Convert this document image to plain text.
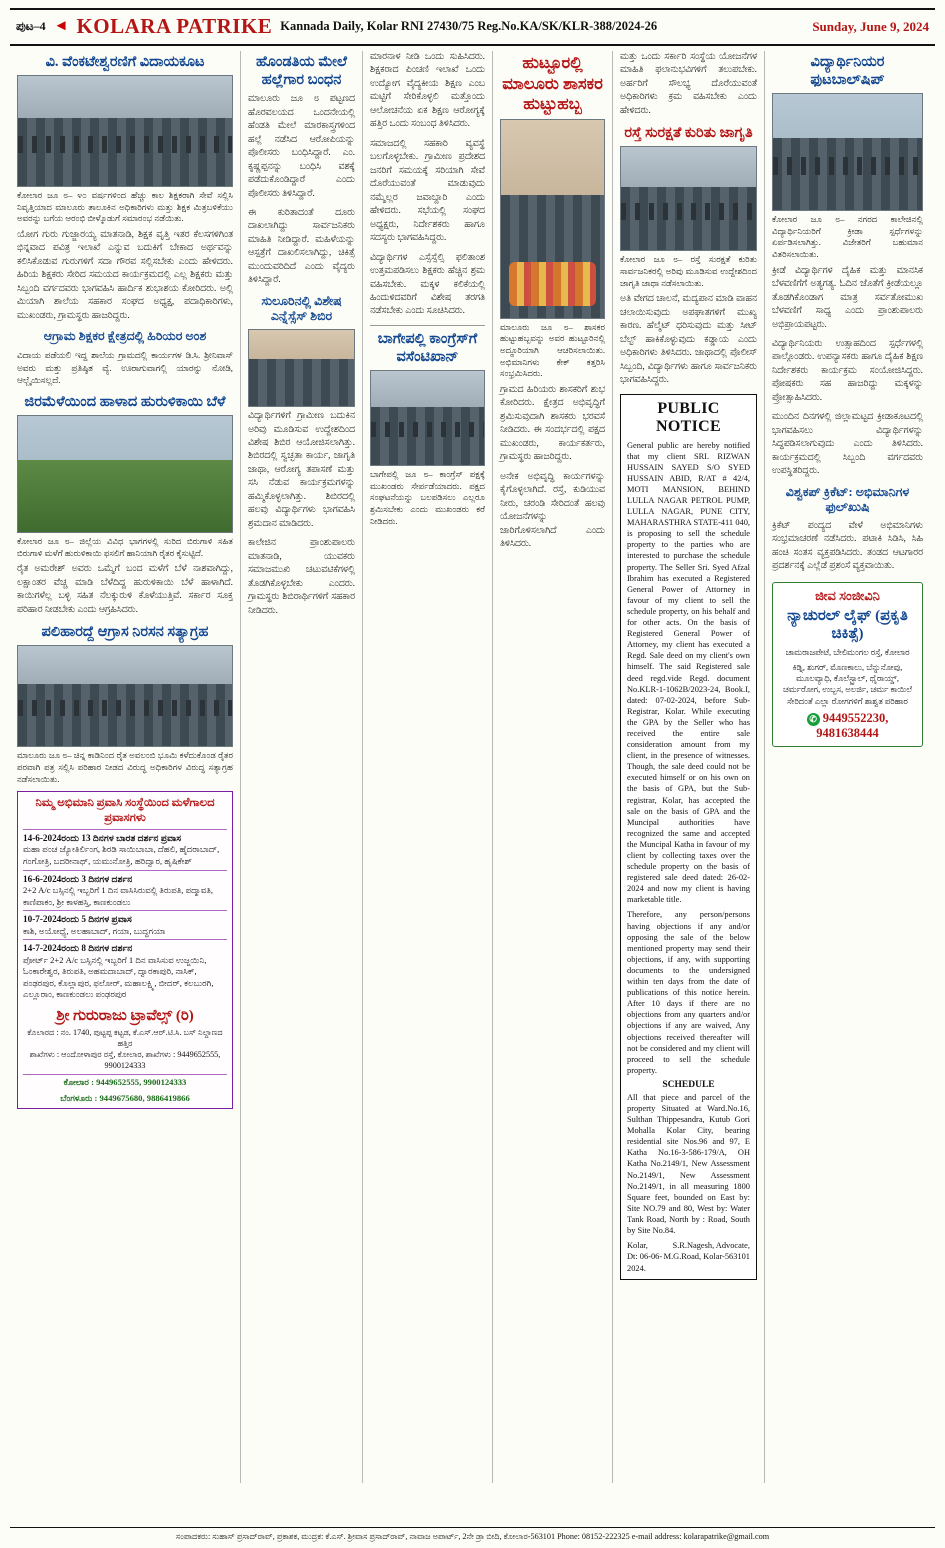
ಪುಟ–4 ◄ KOLARA PATRIKE Kannada Daily, Kolar RNI 27430/75 Reg.No.KA/SK/KLR-388/2024-26	Sunday, June 9, 2024
ವಿ. ವೆಂಕಟೇಶ್ವರಣಿಗೆ ವಿದಾಯಕೂಟ
ಕೋಲಾರ ಜೂ ೮– ೪೦ ವರ್ಷಗಳಿಂದ ಹೆಚ್ಚು ಕಾಲ ಶಿಕ್ಷಕರಾಗಿ ಸೇವೆ ಸಲ್ಲಿಸಿ ನಿವೃತ್ತಿಯಾದ ಮಾಲೂರು ತಾಲೂಕಿನ ಅಧಿಕಾರಿಗಳು ಮತ್ತು ಶಿಕ್ಷಕ ಮಿತ್ರಬಳಿಕೆಯು ಅವರನ್ನು ಬಗೆಯ ಆರಂಭಿ ಬೀಳ್ಕೊಡುಗೆ ಸಮಾರಂಭ ನಡೆಯಿತು.
ಯೋಗ ಗುರು ಗುಜ್ಜಾರಯ್ಯ ಮಾತನಾಡಿ, ಶಿಕ್ಷಕ ವೃತ್ತಿ ಇತರ ಕೆಲಸಗಳಿಗಿಂತ ಭಿನ್ನವಾದ ಪವಿತ್ರ ಇಲಾಖೆ ಎನ್ನುವ ಬದುಕಿಗೆ ಬೇಕಾದ ಅರ್ಥವನ್ನು ಕಲಿಸಿಕೊಡುವ ಗುರುಗಳಿಗೆ ಸದಾ ಗೌರವ ಸಲ್ಲಿಸಬೇಕು ಎಂದು ಹೇಳಿದರು. ಹಿರಿಯ ಶಿಕ್ಷಕರು ಸೇರಿದ ಸಮಯದ ಕಾರ್ಯಕ್ರಮದಲ್ಲಿ ಎಲ್ಲ ಶಿಕ್ಷಕರು ಮತ್ತು ಸಿಬ್ಬಂದಿ ವರ್ಗದವರು ಭಾಗವಹಿಸಿ ಹಾರ್ದಿಕ ಶುಭಾಶಯ ಕೋರಿದರು. ಅಲ್ಲಿ ಮಿಯಾಗಿ ಶಾಲೆಯ ಸಹಕಾರ ಸಂಘದ ಅಧ್ಯಕ್ಷ, ಪದಾಧಿಕಾರಿಗಳು, ಮುಖಂಡರು, ಗ್ರಾಮಸ್ಥರು ಹಾಜರಿದ್ದರು.
ಆಗ್ರಾಮ ಶಿಕ್ಷಕರ ಕ್ಷೇತ್ರದಲ್ಲಿ ಹಿರಿಯರ ಅಂಶ
ವಿದಾಯ ಪಡೆಯಲಿ ಇದ್ದ ಶಾಲೆಯ ಗ್ರಾಮದಲ್ಲಿ ಕಾರ್ಯಗಳ ಡಿ.ಸಿ. ಶ್ರೀನಿವಾಸ್ ಅವರು ಮತ್ತು ಪ್ರತಿಷ್ಠಿತ ವ್ಯೆ. ಊರಾಗುವಾಗಲ್ಲಿ ಯಾರನ್ನು ನೋಡಿ, ಆಲ್ಬೈಯಿಸಲ್ಲದೆ.
ಜಿರಮೆಳೆಯಿಂದ ಹಾಳಾದ ಹುರುಳಿಕಾಯಿ ಬೆಳೆ
ಕೋಲಾರ ಜೂ ೮– ಜಿಲ್ಲೆಯ ವಿವಿಧ ಭಾಗಗಳಲ್ಲಿ ಸುರಿದ ಬಿರುಗಾಳಿ ಸಹಿತ ಬಿರುಗಾಳಿ ಮಳೆಗೆ ಹುರುಳಿಕಾಯಿ ಫಸಲಿಗೆ ಹಾನಿಯಾಗಿ ರೈತರ ಕೈಸುಟ್ಟಿದೆ.
ರೈತ ಅಮರೇಶ್ ಅವರು ಒಮ್ಮೆಗೆ ಬಂದ ಮಳೆಗೆ ಬೆಳೆ ನಾಶವಾಗಿದ್ದು, ಲಕ್ಷಾಂತರ ವೆಚ್ಚ ಮಾಡಿ ಬೆಳೆದಿದ್ದ ಹುರುಳಿಕಾಯಿ ಬೆಳೆ ಹಾಳಾಗಿದೆ. ಕಾಯಿಗಳೆಲ್ಲ ಬಳ್ಳಿ ಸಹಿತ ನೆಲಕ್ಕುರುಳಿ ಕೊಳೆಯುತ್ತಿವೆ. ಸರ್ಕಾರ ಸೂಕ್ತ ಪರಿಹಾರ ನೀಡಬೇಕು ಎಂದು ಆಗ್ರಹಿಸಿದರು.
ಪಲಿಹಾರದ್ದೆ ಆಗ್ರಾಸ ನಿರಸನ ಸತ್ಯಾಗ್ರಹ
ಮಾಲೂರು ಜೂ ೮– ಚಿನ್ನ ಕಾಡಿನಿಂದ ರೈತ ಅವಲಂಬಿ ಭೂಮಿ ಕಳೆದುಕೊಂಡ ರೈತರ ಪರವಾಗಿ ಪತ್ರ ಸಲ್ಲಿಸಿ ಪರಿಹಾರ ನೀಡದ ವಿರುದ್ಧ ಅಧಿಕಾರಿಗಳ ವಿರುದ್ಧ ಸತ್ಯಾಗ್ರಹ ನಡೆಸಲಾಯಿತು.
ನಿಮ್ಮ ಅಭಿಮಾನಿ ಪ್ರವಾಸಿ ಸಂಸ್ಥೆಯಿಂದ ಮಳೆಗಾಲದ ಪ್ರವಾಸಗಳು
14-6-2024ರಂದು 13 ದಿನಗಳ ಬಾರತ ದರ್ಶನ ಪ್ರವಾಸ
ಮಹಾ ಪಂಚ ಜ್ಯೋತಿರ್ಲಿಂಗ, ಶಿರಡಿ ಸಾಯಿಬಾಬಾ, ದೆಹಲಿ, ಹೈದರಾಬಾದ್, ಗಂಗೋತ್ರಿ, ಬದರೀನಾಥ್, ಯಮುನೋತ್ರಿ, ಹರಿದ್ವಾರ, ಹೃಷಿಕೇಶ್
16-6-2024ರಂದು 3 ದಿನಗಳ ದರ್ಶನ
2+2 A/c ಬಸ್ಸಿನಲ್ಲಿ ಇಬ್ಬರಿಗೆ 1 ದಿನ ವಾಸಿಸಿರುವಲ್ಲಿ ತಿರುಪತಿ, ಪದ್ಮಾವತಿ, ಕಾಣಿಪಾಕಂ, ಶ್ರೀ ಕಾಳಹಸ್ತಿ, ಕಾಣಕುಂಡಲು
10-7-2024ರಂದು 5 ದಿನಗಳ ಪ್ರವಾಸ
ಕಾಶಿ, ಅಯೋಧ್ಯೆ, ಅಲಹಾಬಾದ್, ಗಯಾ, ಬುದ್ಧಗಯಾ
14-7-2024ರಂದು 8 ದಿನಗಳ ದರ್ಶನ
ಪೋರ್ಟ್ 2+2 A/c ಬಸ್ಸಿನಲ್ಲಿ ಇಬ್ಬರಿಗೆ 1 ದಿನ ವಾಸಿಸುವ ಉಜ್ಜಯಿನಿ, ಓಂಕಾರೇಶ್ವರ, ತಿರುಪತಿ, ಅಹಮದಾಬಾದ್, ದ್ವಾರಕಾಪುರಿ, ನಾಸಿಕ್, ಪಂಢರಪುರ, ಕೊಲ್ಲಾಪುರ, ಫಲೋರ್, ಮಹಾಲಕ್ಷ್ಮಿ, ಬೀದರ್, ಕಲಬುರಗಿ, ಎಲ್ಲೂರಾಂ, ಕಾಣಕುಂಡಲು ಪಂಢರಪುರ
ಶ್ರೀ ಗುರುರಾಜು ಟ್ರಾವೆಲ್ಸ್ (ರಿ)
ಕೊಲಾರದ : ನಂ. 1740, ಪುಟ್ಟಪ್ಪ ಕಟ್ಟಡ, ಕೆ.ಎಸ್.ಆರ್.ಟಿ.ಸಿ. ಬಸ್ ನಿಲ್ದಾಣದ ಹತ್ತಿರ
ಶಾಖೆಗಳು : ಆಂದೋಳಾಪುರ ರಸ್ತೆ, ಕೋಲಾರ, ಶಾಖೆಗಳು : 9449652555, 9900124333
ಕೋಲಾರ : 9449652555, 9900124333
ಬೆಂಗಳೂರು : 9449675680, 9886419866
ಹೊಂಡತಿಯ ಮೇಲೆ ಹಲ್ಲೆಗಾರ ಬಂಧನ
ಮಾಲೂರು ಜೂ ೮ ಪಟ್ಟಣದ ಹೊರವಲಯದ ಒಂದನೇಯಲ್ಲಿ ಹೆಂಡತಿ ಮೇಲೆ ಮಾರಕಾಸ್ತ್ರಗಳಿಂದ ಹಲ್ಲೆ ನಡೆಸಿದ ಆರೋಪಿಯನ್ನು ಪೊಲೀಸರು ಬಂಧಿಸಿದ್ದಾರೆ. ಎಂ. ಕೃಷ್ಣಪ್ಪನನ್ನು ಬಂಧಿಸಿ ವಶಕ್ಕೆ ಪಡೆದುಕೊಂಡಿದ್ದಾರೆ ಎಂದು ಪೊಲೀಸರು ತಿಳಿಸಿದ್ದಾರೆ.
ಈ ಕುರಿತಾದಂತೆ ದೂರು ದಾಖಲಾಗಿದ್ದು ಸಾರ್ವಜನಿಕರು ಮಾಹಿತಿ ನೀಡಿದ್ದಾರೆ. ಮಹಿಳೆಯನ್ನು ಆಸ್ಪತ್ರೆಗೆ ದಾಖಲಿಸಲಾಗಿದ್ದು, ಚಿಕಿತ್ಸೆ ಮುಂದುವರಿದಿದೆ ಎಂದು ವೈದ್ಯರು ತಿಳಿಸಿದ್ದಾರೆ.
ಸುಲೂರಿನಲ್ಲಿ ವಿಶೇಷ ಎನ್ನೆಸ್ಸೆಸ್ ಶಿಬಿರ
ವಿದ್ಯಾರ್ಥಿಗಳಿಗೆ ಗ್ರಾಮೀಣ ಬದುಕಿನ ಅರಿವು ಮೂಡಿಸುವ ಉದ್ದೇಶದಿಂದ ವಿಶೇಷ ಶಿಬಿರ ಆಯೋಜಿಸಲಾಗಿತ್ತು. ಶಿಬಿರದಲ್ಲಿ ಸ್ವಚ್ಛತಾ ಕಾರ್ಯ, ಜಾಗೃತಿ ಜಾಥಾ, ಆರೋಗ್ಯ ತಪಾಸಣೆ ಮತ್ತು ಸಸಿ ನೆಡುವ ಕಾರ್ಯಕ್ರಮಗಳನ್ನು ಹಮ್ಮಿಕೊಳ್ಳಲಾಗಿತ್ತು. ಶಿಬಿರದಲ್ಲಿ ಹಲವು ವಿದ್ಯಾರ್ಥಿಗಳು ಭಾಗವಹಿಸಿ ಶ್ರಮದಾನ ಮಾಡಿದರು.
ಕಾಲೇಜಿನ ಪ್ರಾಂಶುಪಾಲರು ಮಾತನಾಡಿ, ಯುವಕರು ಸಮಾಜಮುಖಿ ಚಟುವಟಿಕೆಗಳಲ್ಲಿ ತೊಡಗಿಕೊಳ್ಳಬೇಕು ಎಂದರು. ಗ್ರಾಮಸ್ಥರು ಶಿಬಿರಾರ್ಥಿಗಳಿಗೆ ಸಹಕಾರ ನೀಡಿದರು.
ಮಾರನಾಳ ನೀಡಿ ಒಂದು ಸುಹಿಸಿದರು. ಶಿಕ್ಷಕರಾದ ಪಿಂಚಣಿ ಇಲಾಖೆ ಒಂದು ಉದ್ಯೋಗ ವೈದ್ಯಕೀಯ ಶಿಕ್ಷಣ ಎಂಬ ಮಟ್ಟಿಗೆ ಸೇರಿಕೊಳ್ಳಲಿ ಮತ್ತೊಂದು ಆಲೋಚನೆಯ ಏಕ ಶಿಕ್ಷಣ ಆರೋಗ್ಯಕ್ಕೆ ಹತ್ತಿರ ಒಂದು ಸಂಬಂಧ ತಿಳಿಸಿದರು.
ಸಮಾಜದಲ್ಲಿ ಸಹಕಾರಿ ವ್ಯವಸ್ಥೆ ಬಲಗೊಳ್ಳಬೇಕು. ಗ್ರಾಮೀಣ ಪ್ರದೇಶದ ಜನರಿಗೆ ಸಮಯಕ್ಕೆ ಸರಿಯಾಗಿ ಸೇವೆ ದೊರೆಯುವಂತೆ ಮಾಡುವುದು ನಮ್ಮೆಲ್ಲರ ಜವಾಬ್ದಾರಿ ಎಂದು ಹೇಳಿದರು. ಸಭೆಯಲ್ಲಿ ಸಂಘದ ಅಧ್ಯಕ್ಷರು, ನಿರ್ದೇಶಕರು ಹಾಗೂ ಸದಸ್ಯರು ಭಾಗವಹಿಸಿದ್ದರು.
ವಿದ್ಯಾರ್ಥಿಗಳ ಎಸ್ಸೆಸ್ಸೆಲ್ಸಿ ಫಲಿತಾಂಶ ಉತ್ತಮಪಡಿಸಲು ಶಿಕ್ಷಕರು ಹೆಚ್ಚಿನ ಶ್ರಮ ವಹಿಸಬೇಕು. ಮಕ್ಕಳ ಕಲಿಕೆಯಲ್ಲಿ ಹಿಂದುಳಿದವರಿಗೆ ವಿಶೇಷ ತರಗತಿ ನಡೆಸಬೇಕು ಎಂದು ಸೂಚಿಸಿದರು.
ಬಾಗೇಪಲ್ಲಿ ಕಾಂಗ್ರೆಸ್‌ಗೆ ವಸೆಂಟಿಖಾನ್
ಬಾಗೇಪಲ್ಲಿ ಜೂ ೮– ಕಾಂಗ್ರೆಸ್ ಪಕ್ಷಕ್ಕೆ ಮುಖಂಡರು ಸೇರ್ಪಡೆಯಾದರು. ಪಕ್ಷದ ಸಂಘಟನೆಯನ್ನು ಬಲಪಡಿಸಲು ಎಲ್ಲರೂ ಶ್ರಮಿಸಬೇಕು ಎಂದು ಮುಖಂಡರು ಕರೆ ನೀಡಿದರು.
ಹುಟ್ಟೂರಲ್ಲಿ ಮಾಲೂರು ಶಾಸಕರ ಹುಟ್ಟುಹಬ್ಬ
ಮಾಲೂರು ಜೂ ೮– ಶಾಸಕರ ಹುಟ್ಟುಹಬ್ಬವನ್ನು ಅವರ ಹುಟ್ಟೂರಿನಲ್ಲಿ ಅದ್ಧೂರಿಯಾಗಿ ಆಚರಿಸಲಾಯಿತು. ಅಭಿಮಾನಿಗಳು ಕೇಕ್ ಕತ್ತರಿಸಿ ಸಂಭ್ರಮಿಸಿದರು.
ಗ್ರಾಮದ ಹಿರಿಯರು ಶಾಸಕರಿಗೆ ಶುಭ ಕೋರಿದರು. ಕ್ಷೇತ್ರದ ಅಭಿವೃದ್ಧಿಗೆ ಶ್ರಮಿಸುವುದಾಗಿ ಶಾಸಕರು ಭರವಸೆ ನೀಡಿದರು. ಈ ಸಂದರ್ಭದಲ್ಲಿ ಪಕ್ಷದ ಮುಖಂಡರು, ಕಾರ್ಯಕರ್ತರು, ಗ್ರಾಮಸ್ಥರು ಹಾಜರಿದ್ದರು.
ಅನೇಕ ಅಭಿವೃದ್ಧಿ ಕಾರ್ಯಗಳನ್ನು ಕೈಗೊಳ್ಳಲಾಗಿದೆ. ರಸ್ತೆ, ಕುಡಿಯುವ ನೀರು, ಚರಂಡಿ ಸೇರಿದಂತೆ ಹಲವು ಯೋಜನೆಗಳನ್ನು ಜಾರಿಗೊಳಿಸಲಾಗಿದೆ ಎಂದು ತಿಳಿಸಿದರು.
ಮತ್ತು ಒಂದು ಸರ್ಕಾರಿ ಸಂಸ್ಥೆಯ ಯೋಜನೆಗಳ ಮಾಹಿತಿ ಫಲಾನುಭವಿಗಳಿಗೆ ತಲುಪಬೇಕು. ಅರ್ಹರಿಗೆ ಸೌಲಭ್ಯ ದೊರೆಯುವಂತೆ ಅಧಿಕಾರಿಗಳು ಕ್ರಮ ವಹಿಸಬೇಕು ಎಂದು ಹೇಳಿದರು.
ರಸ್ತೆ ಸುರಕ್ಷತೆ ಕುರಿತು ಜಾಗೃತಿ
ಕೋಲಾರ ಜೂ ೮– ರಸ್ತೆ ಸುರಕ್ಷತೆ ಕುರಿತು ಸಾರ್ವಜನಿಕರಲ್ಲಿ ಅರಿವು ಮೂಡಿಸುವ ಉದ್ದೇಶದಿಂದ ಜಾಗೃತಿ ಜಾಥಾ ನಡೆಸಲಾಯಿತು.
ಅತಿ ವೇಗದ ಚಾಲನೆ, ಮದ್ಯಪಾನ ಮಾಡಿ ವಾಹನ ಚಲಾಯಿಸುವುದು ಅಪಘಾತಗಳಿಗೆ ಮುಖ್ಯ ಕಾರಣ. ಹೆಲ್ಮೆಟ್ ಧರಿಸುವುದು ಮತ್ತು ಸೀಟ್ ಬೆಲ್ಟ್ ಹಾಕಿಕೊಳ್ಳುವುದು ಕಡ್ಡಾಯ ಎಂದು ಅಧಿಕಾರಿಗಳು ತಿಳಿಸಿದರು. ಜಾಥಾದಲ್ಲಿ ಪೊಲೀಸ್ ಸಿಬ್ಬಂದಿ, ವಿದ್ಯಾರ್ಥಿಗಳು ಹಾಗೂ ಸಾರ್ವಜನಿಕರು ಭಾಗವಹಿಸಿದ್ದರು.
PUBLIC NOTICE

General public are hereby notified that my client SRI. RIZWAN HUSSAIN SAYED S/O SYED HUSSAIN ABID, R/AT # 42/4, MOTI MANSION, BEHIND LULLA NAGAR PETROL PUMP, LULLA NAGAR, PUNE CITY, MAHARASTHRA STATE-411 040, is proposing to sell the schedule property to the parties who are interested to purchase the schedule property. The Seller Sri. Syed Afzal Ibrahim has executed a Registered General Power of Attorney in favour of my client to sell the schedule property, on his behalf and for other acts. On the basis of Registered General Power of Attorney, my client has executed a Regd. Sale deed on my client's own himself. The said Registered sale deed regd.vide Regd. document No.KLR-1-1062B/2023-24, Book.I, dated: 07-02-2024, before Sub-Registrar, Kolar. While executing the GPA by the Seller who has received the entire sale consideration amount from my client, in the presence of witnesses. Though, the sale deed could not be executed himself or on his own on the basis of GPA, but the Sub-registrar, Kolar, has accepted the sale on the basis of GPA and the Muncipal authorities have recognized the same and accepted the Muncipal Katha in favour of my client by collecting taxes over the schedule property on the basis of registered sale deed dated: 26-02-2024 and now my client is having marketable title.

Therefore, any person/persons having objections if any and/or opposing the sale of the below mentioned property may send their objections, if any, with supporting documents to the undersigned within ten days from the date of publications of this notice herein. After 10 days if there are no objections from any quarters and/or objections if any are waived, Any objections received thereafter will not be considered and my client will proceed to sell the schedule property.

SCHEDULE

All that piece and parcel of the property Situated at Ward.No.16, Sulthan Thippesandra, Kutub Gori Mohalla Kolar City, bearing residential site Nos.96 and 97, E Katha No.16-3-586-179/A, OH Katha No.2149/1, New Assessment No.2149/1, New Assessment No.2149/1, in all measuring 1800 Square feet, bounded on East by: Site NO.79 and 80, West by: Water Tank Road, North by : Road, South by Site No.84.

S.R.Nagesh, Advocate,
Kolar,
M.G.Road, Kolar-563101
Dt: 06-06-2024.
ವಿದ್ಯಾರ್ಥಿನಿಯರ ಫುಟಬಾಲ್‌ಷಿಪ್
ಕೋಲಾರ ಜೂ ೮– ನಗರದ ಕಾಲೇಜಿನಲ್ಲಿ ವಿದ್ಯಾರ್ಥಿನಿಯರಿಗೆ ಕ್ರೀಡಾ ಸ್ಪರ್ಧೆಗಳನ್ನು ಏರ್ಪಡಿಸಲಾಗಿತ್ತು. ವಿಜೇತರಿಗೆ ಬಹುಮಾನ ವಿತರಿಸಲಾಯಿತು.
ಕ್ರೀಡೆ ವಿದ್ಯಾರ್ಥಿಗಳ ದೈಹಿಕ ಮತ್ತು ಮಾನಸಿಕ ಬೆಳವಣಿಗೆಗೆ ಅತ್ಯಗತ್ಯ. ಓದಿನ ಜೊತೆಗೆ ಕ್ರೀಡೆಯಲ್ಲೂ ತೊಡಗಿಕೊಂಡಾಗ ಮಾತ್ರ ಸರ್ವತೋಮುಖ ಬೆಳವಣಿಗೆ ಸಾಧ್ಯ ಎಂದು ಪ್ರಾಂಶುಪಾಲರು ಅಭಿಪ್ರಾಯಪಟ್ಟರು.
ವಿದ್ಯಾರ್ಥಿನಿಯರು ಉತ್ಸಾಹದಿಂದ ಸ್ಪರ್ಧೆಗಳಲ್ಲಿ ಪಾಲ್ಗೊಂಡರು. ಉಪನ್ಯಾಸಕರು ಹಾಗೂ ದೈಹಿಕ ಶಿಕ್ಷಣ ನಿರ್ದೇಶಕರು ಕಾರ್ಯಕ್ರಮ ಸಂಯೋಜಿಸಿದ್ದರು. ಪೋಷಕರು ಸಹ ಹಾಜರಿದ್ದು ಮಕ್ಕಳನ್ನು ಪ್ರೋತ್ಸಾಹಿಸಿದರು.
ಮುಂದಿನ ದಿನಗಳಲ್ಲಿ ಜಿಲ್ಲಾಮಟ್ಟದ ಕ್ರೀಡಾಕೂಟದಲ್ಲಿ ಭಾಗವಹಿಸಲು ವಿದ್ಯಾರ್ಥಿಗಳನ್ನು ಸಿದ್ಧಪಡಿಸಲಾಗುವುದು ಎಂದು ತಿಳಿಸಿದರು. ಕಾರ್ಯಕ್ರಮದಲ್ಲಿ ಸಿಬ್ಬಂದಿ ವರ್ಗದವರು ಉಪಸ್ಥಿತರಿದ್ದರು.
ವಿಶ್ವಕಪ್ ಕ್ರಿಕೆಟ್: ಅಭಿಮಾನಿಗಳ ಫುಲ್‌ಖುಷಿ
ಕ್ರಿಕೆಟ್ ಪಂದ್ಯದ ವೇಳೆ ಅಭಿಮಾನಿಗಳು ಸಂಭ್ರಮಾಚರಣೆ ನಡೆಸಿದರು. ಪಟಾಕಿ ಸಿಡಿಸಿ, ಸಿಹಿ ಹಂಚಿ ಸಂತಸ ವ್ಯಕ್ತಪಡಿಸಿದರು. ತಂಡದ ಆಟಗಾರರ ಪ್ರದರ್ಶನಕ್ಕೆ ಎಲ್ಲೆಡೆ ಪ್ರಶಂಸೆ ವ್ಯಕ್ತವಾಯಿತು.
ಜೀವ ಸಂಜೀವಿನಿ
ನ್ಯಾಚುರಲ್ ಲೈಫ್ (ಪ್ರಕೃತಿ ಚಿಕಿತ್ಸೆ)
ಚಾಮರಾಜಪೇಟೆ, ಬೇಲಿಮಂಗಲ ರಸ್ತೆ, ಕೋಲಾರ
ಕಿಡ್ನಿ, ಶುಗರ್, ಮೊಣಕಾಲು, ಬೆನ್ನುನೋವು, ಮೂಲವ್ಯಾಧಿ, ಕೊಲೆಸ್ಟ್ರಾಲ್, ಥೈರಾಯ್ಡ್, ಚರ್ಮರೋಗ, ಉಬ್ಬಸ, ಅಲರ್ಜಿ, ಚರ್ಮ ಕಾಯಿಲೆ ಸೇರಿದಂತೆ ಎಲ್ಲಾ ರೋಗಗಳಿಗೆ ಶಾಶ್ವತ ಪರಿಹಾರ
✆ 9449552230, 9481638444
ಸಂಪಾದಕರು: ಸುಹಾಸ್ ಪ್ರಸಾದ್‌ರಾವ್, ಪ್ರಕಾಶಕ, ಮುದ್ರಕ: ಕೆ.ಎಸ್. ಶ್ರೀವಾಸ ಪ್ರಸಾದ್‌ರಾವ್, ನಾವಾಜ ಅಪಾರ್ಟ್, 2ನೇ ಡ್ರಾ ಬೀದಿ, ಕೋಲಾರ-563101 Phone: 08152-222325 e-mail address: kolarapatrike@gmail.com
